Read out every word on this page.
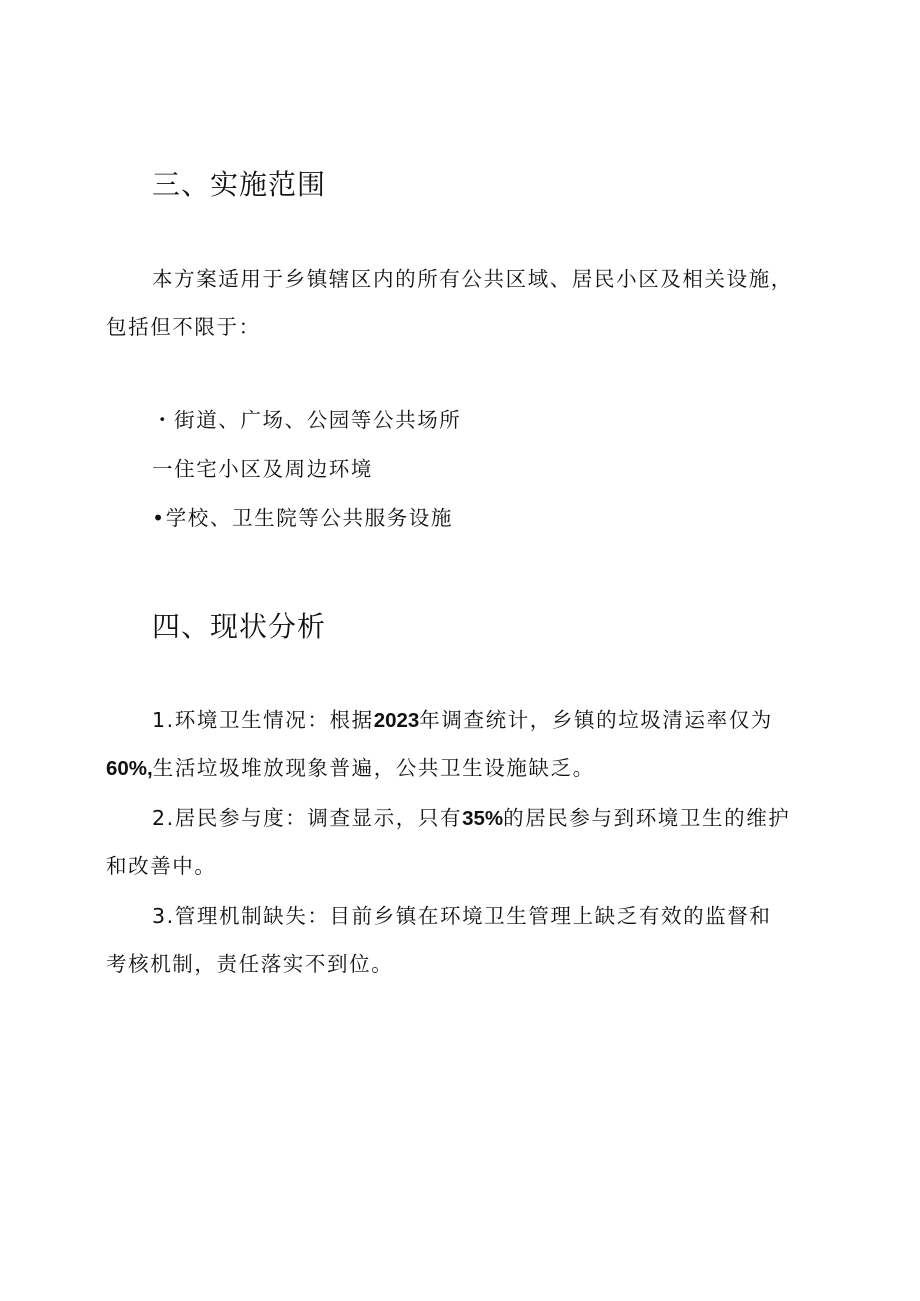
三、实施范围
本方案适用于乡镇辖区内的所有公共区域、居民小区及相关设施，
包括但不限于：
・街道、广场、公园等公共场所
一住宅小区及周边环境
•学校、卫生院等公共服务设施
四、现状分析
1.环境卫生情况：根据2023年调查统计，乡镇的垃圾清运率仅为
60%,生活垃圾堆放现象普遍，公共卫生设施缺乏。
2.居民参与度：调查显示，只有35%的居民参与到环境卫生的维护
和改善中。
3.管理机制缺失：目前乡镇在环境卫生管理上缺乏有效的监督和
考核机制，责任落实不到位。
